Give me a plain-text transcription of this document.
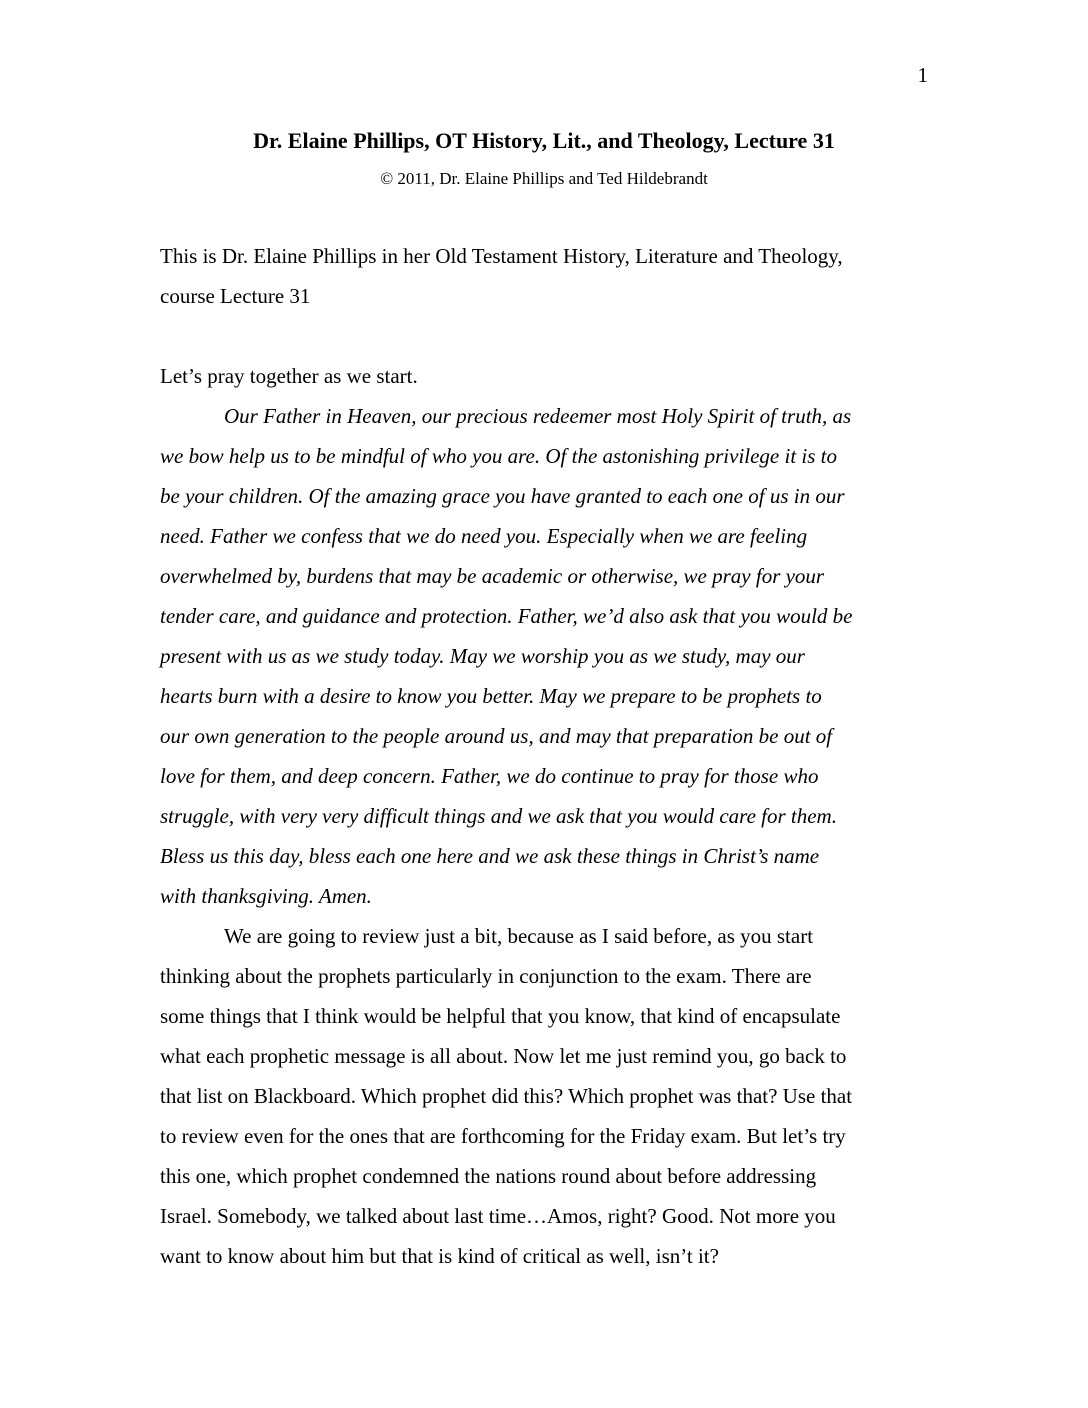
1
Dr. Elaine Phillips, OT History, Lit., and Theology, Lecture 31
© 2011, Dr. Elaine Phillips and Ted Hildebrandt

This is Dr. Elaine Phillips in her Old Testament History, Literature and Theology,
course Lecture 31

Let’s pray together as we start.

Our Father in Heaven, our precious redeemer most Holy Spirit of truth, as
we bow help us to be mindful of who you are. Of the astonishing privilege it is to
be your children. Of the amazing grace you have granted to each one of us in our
need. Father we confess that we do need you. Especially when we are feeling
overwhelmed by, burdens that may be academic or otherwise, we pray for your
tender care, and guidance and protection. Father, we’d also ask that you would be
present with us as we study today. May we worship you as we study, may our
hearts burn with a desire to know you better. May we prepare to be prophets to
our own generation to the people around us, and may that preparation be out of
love for them, and deep concern. Father, we do continue to pray for those who
struggle, with very very difficult things and we ask that you would care for them.
Bless us this day, bless each one here and we ask these things in Christ’s name
with thanksgiving. Amen.

We are going to review just a bit, because as I said before, as you start
thinking about the prophets particularly in conjunction to the exam. There are
some things that I think would be helpful that you know, that kind of encapsulate
what each prophetic message is all about. Now let me just remind you, go back to
that list on Blackboard. Which prophet did this? Which prophet was that? Use that
to review even for the ones that are forthcoming for the Friday exam. But let’s try
this one, which prophet condemned the nations round about before addressing
Israel. Somebody, we talked about last time…Amos, right? Good. Not more you
want to know about him but that is kind of critical as well, isn’t it?
